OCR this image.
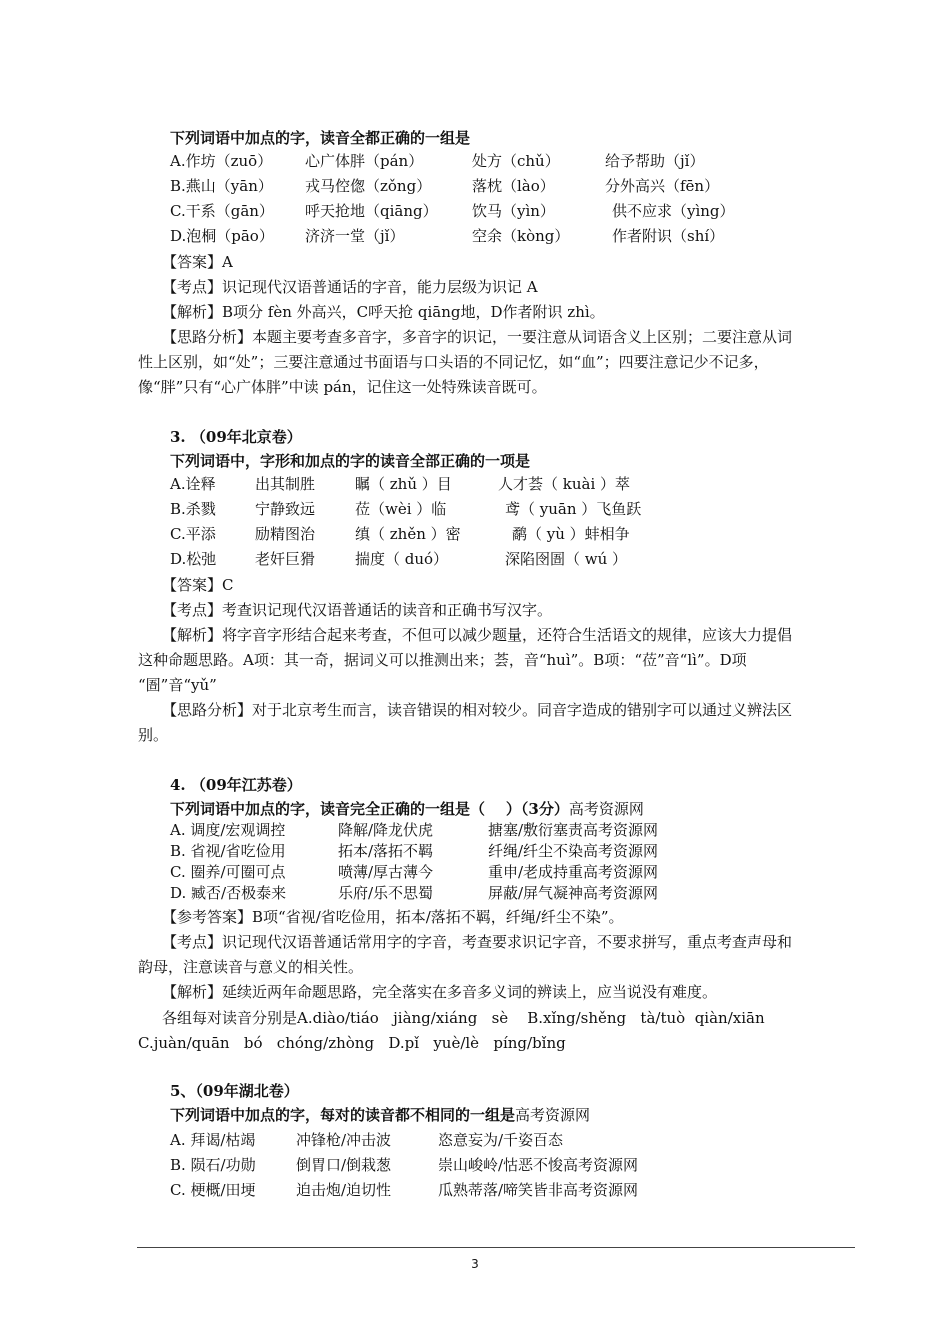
下列词语中加点的字，读音全都正确的一组是
A.作坊（zuō） 心广体胖（pán）	处方（chǔ）	给予帮助（jǐ）
B.燕山（yān） 戎马倥偬（zǒng）	落枕（lào）	分外高兴（fēn）
C.干系（gān） 呼天抢地（qiāng） 饮马（yìn）	供不应求（yìng）
D.泡桐（pāo） 济济一堂（jǐ）	空余（kòng）	作者附识（shí）
【答案】A
【考点】识记现代汉语普通话的字音，能力层级为识记 A
【解析】B项分 fèn 外高兴，C呼天抢 qiāng地，D作者附识 zhì。
【思路分析】本题主要考查多音字，多音字的识记，一要注意从词语含义上区别；二要注意从词
性上区别，如“处”；三要注意通过书面语与口头语的不同记忆，如“血”；四要注意记少不记多，
像“胖”只有“心广体胖”中读 pán，记住这一处特殊读音既可。
3. （09年北京卷）
下列词语中，字形和加点的字的读音全部正确的一项是
A.诠释	出其制胜	瞩（ zhǔ ）目	人才荟（ kuài ）萃
B.杀戮	宁静致远	莅（wèi ）临	鸢（ yuān ）飞鱼跃
C.平添	励精图治	缜（ zhěn ）密	鹬（ yù ）蚌相争
D.松弛	老奸巨猾	揣度（ duó）	深陷囹圄（ wú ）
【答案】C
【考点】考查识记现代汉语普通话的读音和正确书写汉字。
【解析】将字音字形结合起来考查，不但可以减少题量，还符合生活语文的规律，应该大力提倡
这种命题思路。A项：其一奇，据词义可以推测出来；荟，音“huì”。B项：“莅”音“lì”。D项
“圄”音“yǔ”
【思路分析】对于北京考生而言，读音错误的相对较少。同音字造成的错别字可以通过义辨法区
别。
4. （09年江苏卷）
下列词语中加点的字，读音完全正确的一组是（    ）（3分）高考资源网
A. 调度/宏观调控	降解/降龙伏虎	搪塞/敷衍塞责高考资源网
B. 省视/省吃俭用	拓本/落拓不羁	纤绳/纤尘不染高考资源网
C. 圈养/可圈可点	喷薄/厚古薄今	重申/老成持重高考资源网
D. 臧否/否极泰来	乐府/乐不思蜀	屏蔽/屏气凝神高考资源网
【参考答案】B项“省视/省吃俭用，拓本/落拓不羁，纤绳/纤尘不染”。
【考点】识记现代汉语普通话常用字的字音，考查要求识记字音，不要求拼写，重点考查声母和
韵母，注意读音与意义的相关性。
【解析】延续近两年命题思路，完全落实在多音多义词的辨读上，应当说没有难度。
各组每对读音分别是A.diào/tiáo   jiàng/xiáng   sè    B.xǐng/shěng   tà/tuò  qiàn/xiān
C.juàn/quān   bó   chóng/zhòng   D.pǐ   yuè/lè   píng/bǐng
5、（09年湖北卷）
下列词语中加点的字，每对的读音都不相同的一组是高考资源网
A. 拜谒/枯竭	冲锋枪/冲击波	恣意妄为/千姿百态
B. 陨石/功勋	倒胃口/倒栽葱	崇山峻岭/怙恶不悛高考资源网
C. 梗概/田埂	迫击炮/迫切性	瓜熟蒂落/啼笑皆非高考资源网
3
